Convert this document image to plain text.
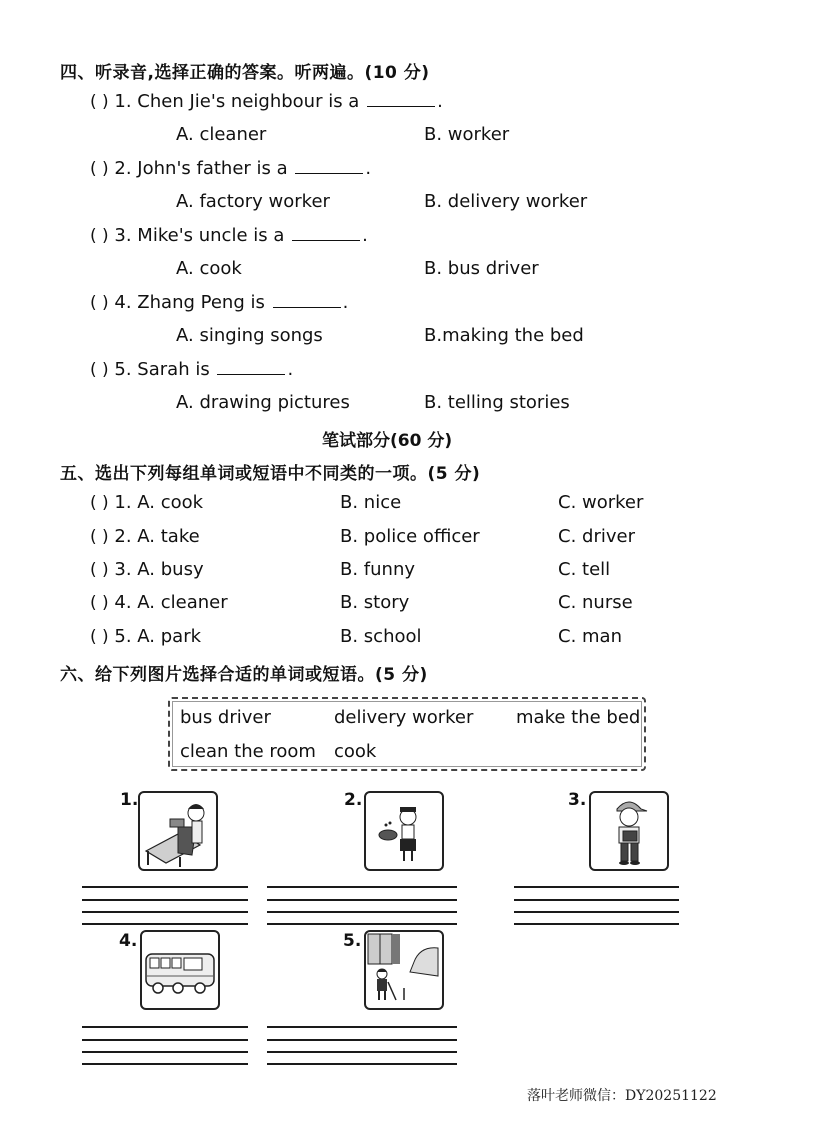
四、听录音,选择正确的答案。听两遍。(10 分)
( ) 1. Chen Jie's neighbour is a	.
A. cleaner	B. worker
( ) 2. John's father is a	.
A. factory worker	B. delivery worker
( ) 3. Mike's uncle is a	.
A. cook	B. bus driver
( ) 4. Zhang Peng is	.
A. singing songs	B.making the bed
( ) 5. Sarah is	.
A. drawing pictures	B. telling stories
笔试部分(60 分)
五、选出下列每组单词或短语中不同类的一项。(5 分)
( ) 1. A. cook	B. nice	C. worker
( ) 2. A. take	B. police officer	C. driver
( ) 3. A. busy	B. funny	C. tell
( ) 4. A. cleaner	B. story	C. nurse
( ) 5. A. park	B. school	C. man
六、给下列图片选择合适的单词或短语。(5 分)
bus driver	delivery worker make the bed
clean the room cook
1.	2.	3.
4.	5.
落叶老师微信：DY20251122
